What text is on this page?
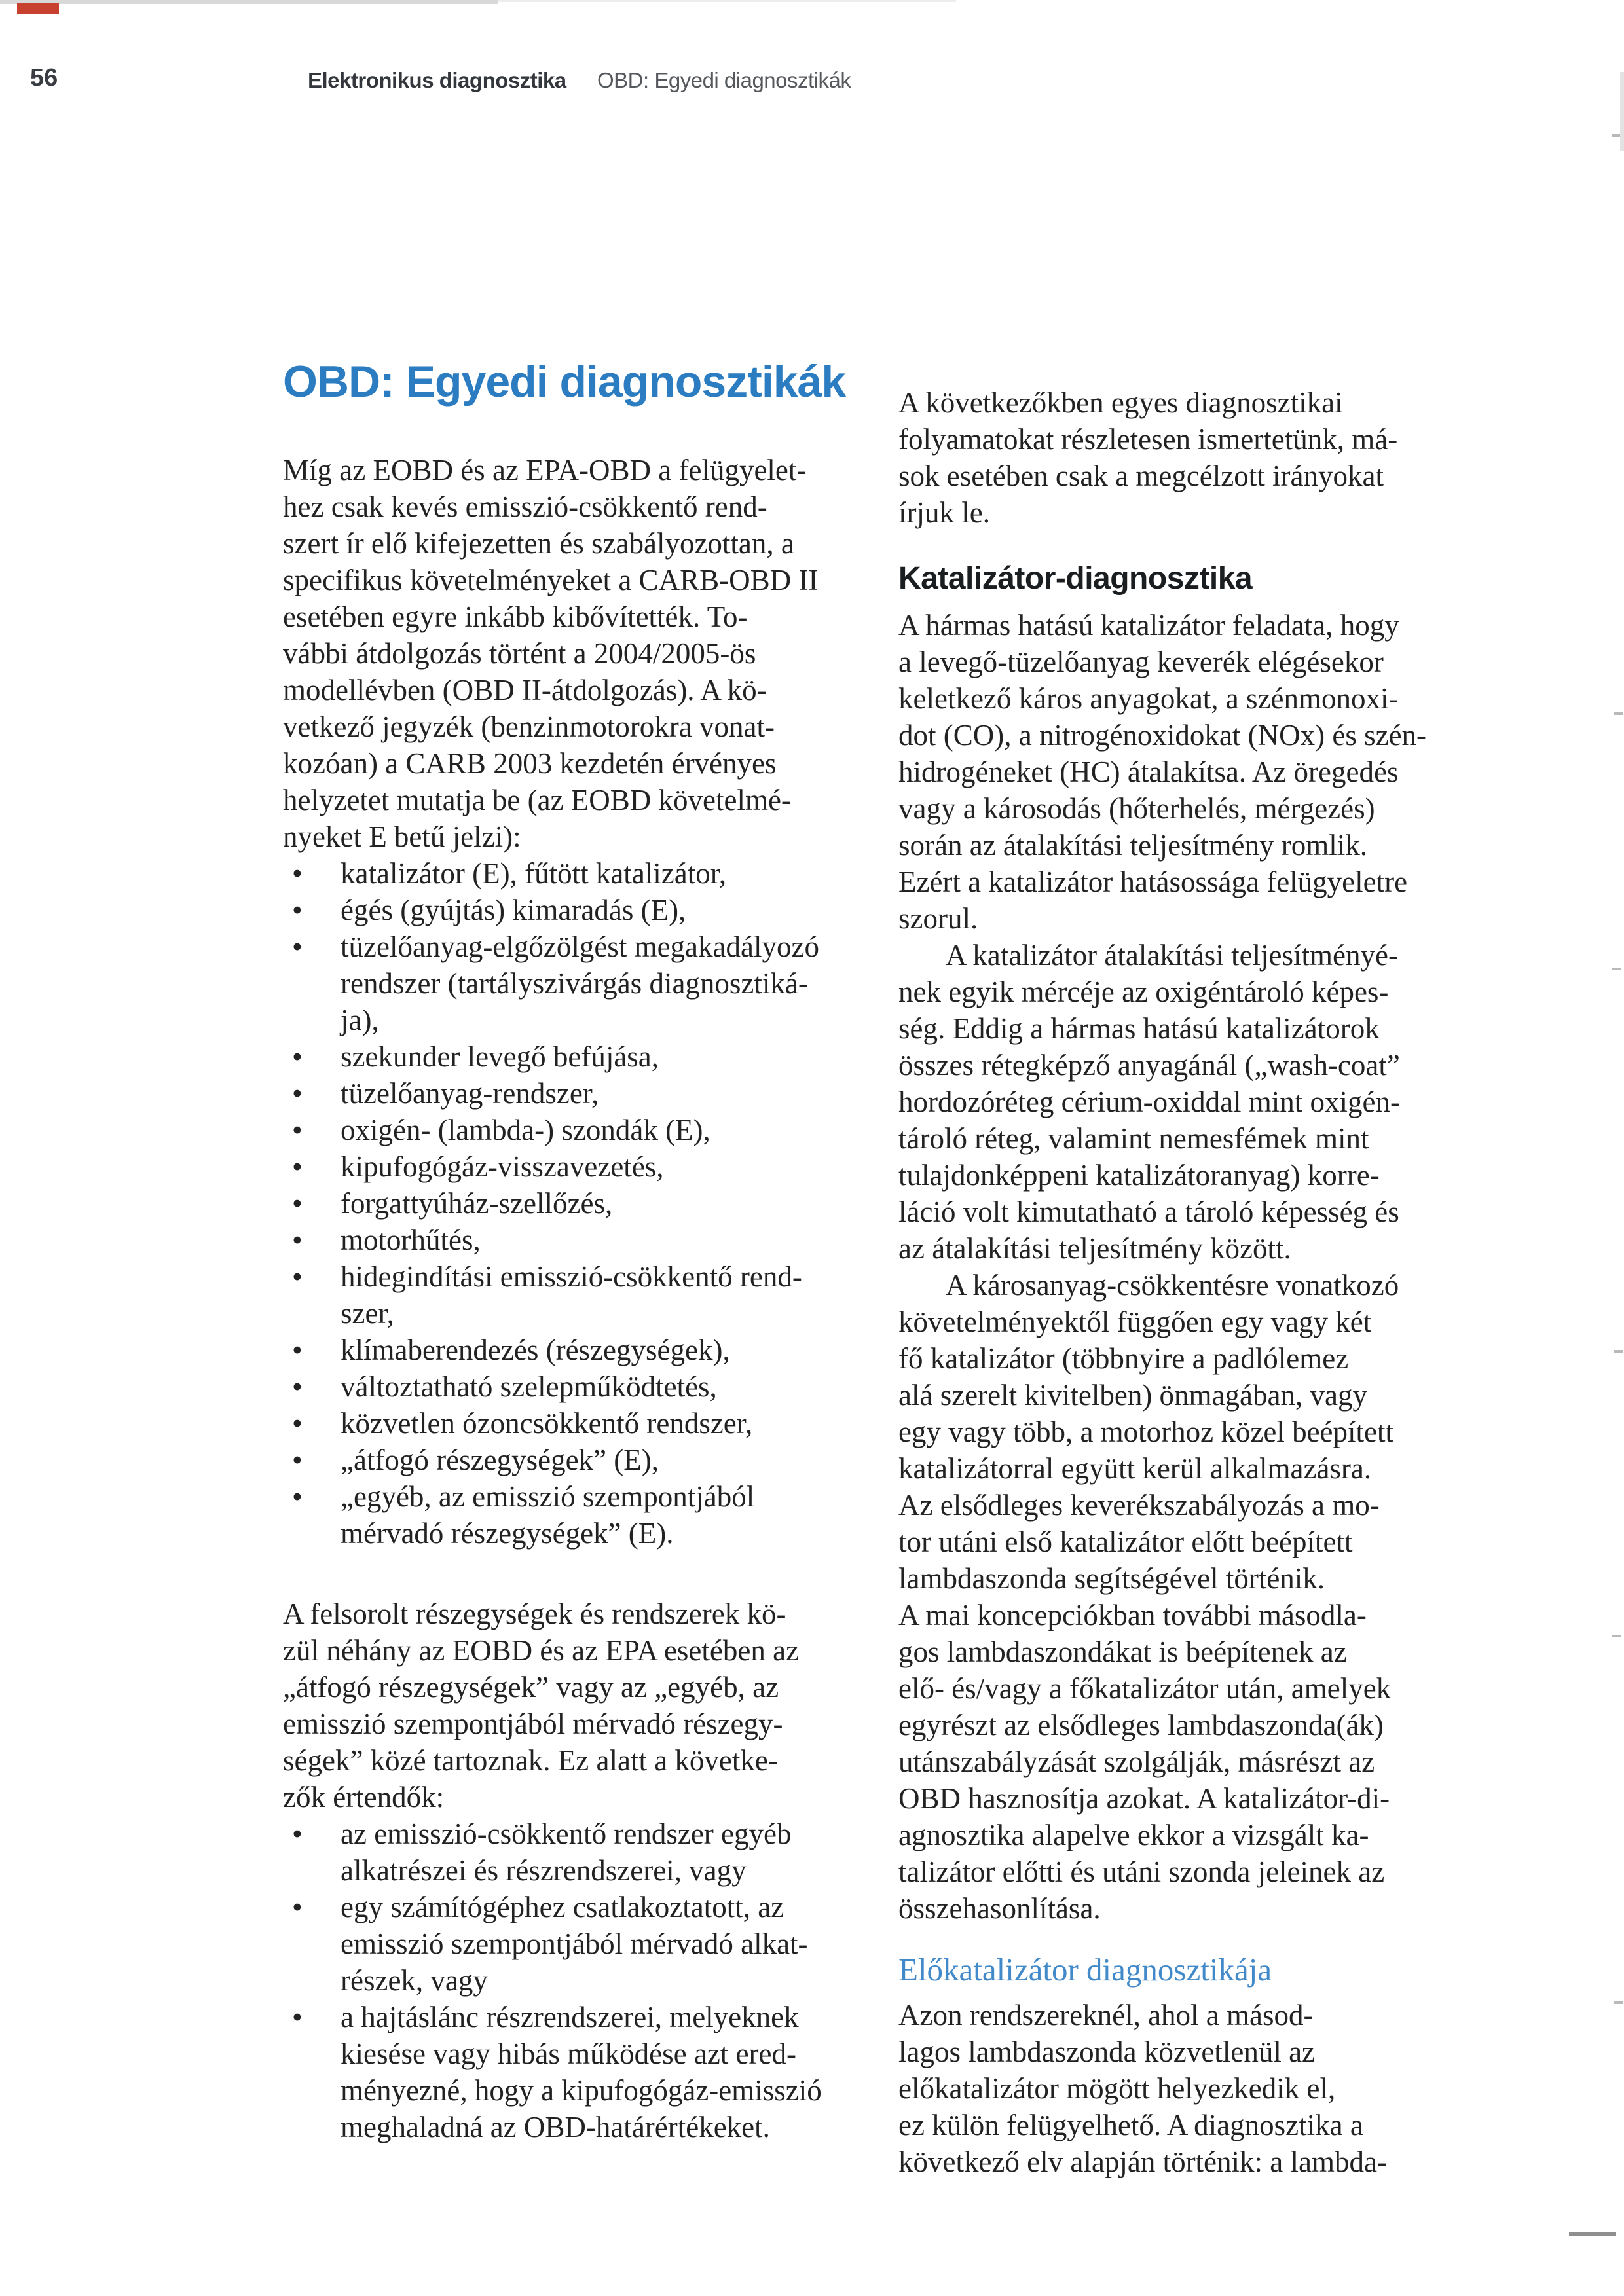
56	Elektronikus diagnosztika OBD: Egyedi diagnosztikák
OBD: Egyedi diagnosztikák
Míg az EOBD és az EPA-OBD a felügyelet-
hez csak kevés emisszió-csökkentő rend-
szert ír elő kifejezetten és szabályozottan, a
specifikus követelményeket a CARB-OBD II
esetében egyre inkább kibővítették. To-
vábbi átdolgozás történt a 2004/2005-ös
modellévben (OBD II-átdolgozás). A kö-
vetkező jegyzék (benzinmotorokra vonat-
kozóan) a CARB 2003 kezdetén érvényes
helyzetet mutatja be (az EOBD követelmé-
nyeket E betű jelzi):
• katalizátor (E), fűtött katalizátor,
• égés (gyújtás) kimaradás (E),
• tüzelőanyag-elgőzölgést megakadályozó
rendszer (tartályszivárgás diagnosztiká-
ja),
• szekunder levegő befújása,
• tüzelőanyag-rendszer,
• oxigén- (lambda-) szondák (E),
• kipufogógáz-visszavezetés,
• forgattyúház-szellőzés,
• motorhűtés,
• hidegindítási emisszió-csökkentő rend-
szer,
• klímaberendezés (részegységek),
• változtatható szelepműködtetés,
• közvetlen ózoncsökkentő rendszer,
• „átfogó részegységek” (E),
• „egyéb, az emisszió szempontjából
mérvadó részegységek” (E).
A felsorolt részegységek és rendszerek kö-
zül néhány az EOBD és az EPA esetében az
„átfogó részegységek” vagy az „egyéb, az
emisszió szempontjából mérvadó részegy-
ségek” közé tartoznak. Ez alatt a követke-
zők értendők:
• az emisszió-csökkentő rendszer egyéb
alkatrészei és részrendszerei, vagy
• egy számítógéphez csatlakoztatott, az
emisszió szempontjából mérvadó alkat-
részek, vagy
• a hajtáslánc részrendszerei, melyeknek
kiesése vagy hibás működése azt ered-
ményezné, hogy a kipufogógáz-emisszió
meghaladná az OBD-határértékeket.
A következőkben egyes diagnosztikai
folyamatokat részletesen ismertetünk, má-
sok esetében csak a megcélzott irányokat
írjuk le.
Katalizátor-diagnosztika
A hármas hatású katalizátor feladata, hogy
a levegő-tüzelőanyag keverék elégésekor
keletkező káros anyagokat, a szénmonoxi-
dot (CO), a nitrogénoxidokat (NOx) és szén-
hidrogéneket (HC) átalakítsa. Az öregedés
vagy a károsodás (hőterhelés, mérgezés)
során az átalakítási teljesítmény romlik.
Ezért a katalizátor hatásossága felügyeletre
szorul.
A katalizátor átalakítási teljesítményé-
nek egyik mércéje az oxigéntároló képes-
ség. Eddig a hármas hatású katalizátorok
összes rétegképző anyagánál („wash-coat”
hordozóréteg cérium-oxiddal mint oxigén-
tároló réteg, valamint nemesfémek mint
tulajdonképpeni katalizátoranyag) korre-
láció volt kimutatható a tároló képesség és
az átalakítási teljesítmény között.
A károsanyag-csökkentésre vonatkozó
követelményektől függően egy vagy két
fő katalizátor (többnyire a padlólemez
alá szerelt kivitelben) önmagában, vagy
egy vagy több, a motorhoz közel beépített
katalizátorral együtt kerül alkalmazásra.
Az elsődleges keverékszabályozás a mo-
tor utáni első katalizátor előtt beépített
lambdaszonda segítségével történik.
A mai koncepciókban további másodla-
gos lambdaszondákat is beépítenek az
elő- és/vagy a főkatalizátor után, amelyek
egyrészt az elsődleges lambdaszonda(ák)
utánszabályzását szolgálják, másrészt az
OBD hasznosítja azokat. A katalizátor-di-
agnosztika alapelve ekkor a vizsgált ka-
talizátor előtti és utáni szonda jeleinek az
összehasonlítása.
Előkatalizátor diagnosztikája
Azon rendszereknél, ahol a másod-
lagos lambdaszonda közvetlenül az
előkatalizátor mögött helyezkedik el,
ez külön felügyelhető. A diagnosztika a
következő elv alapján történik: a lambda-
